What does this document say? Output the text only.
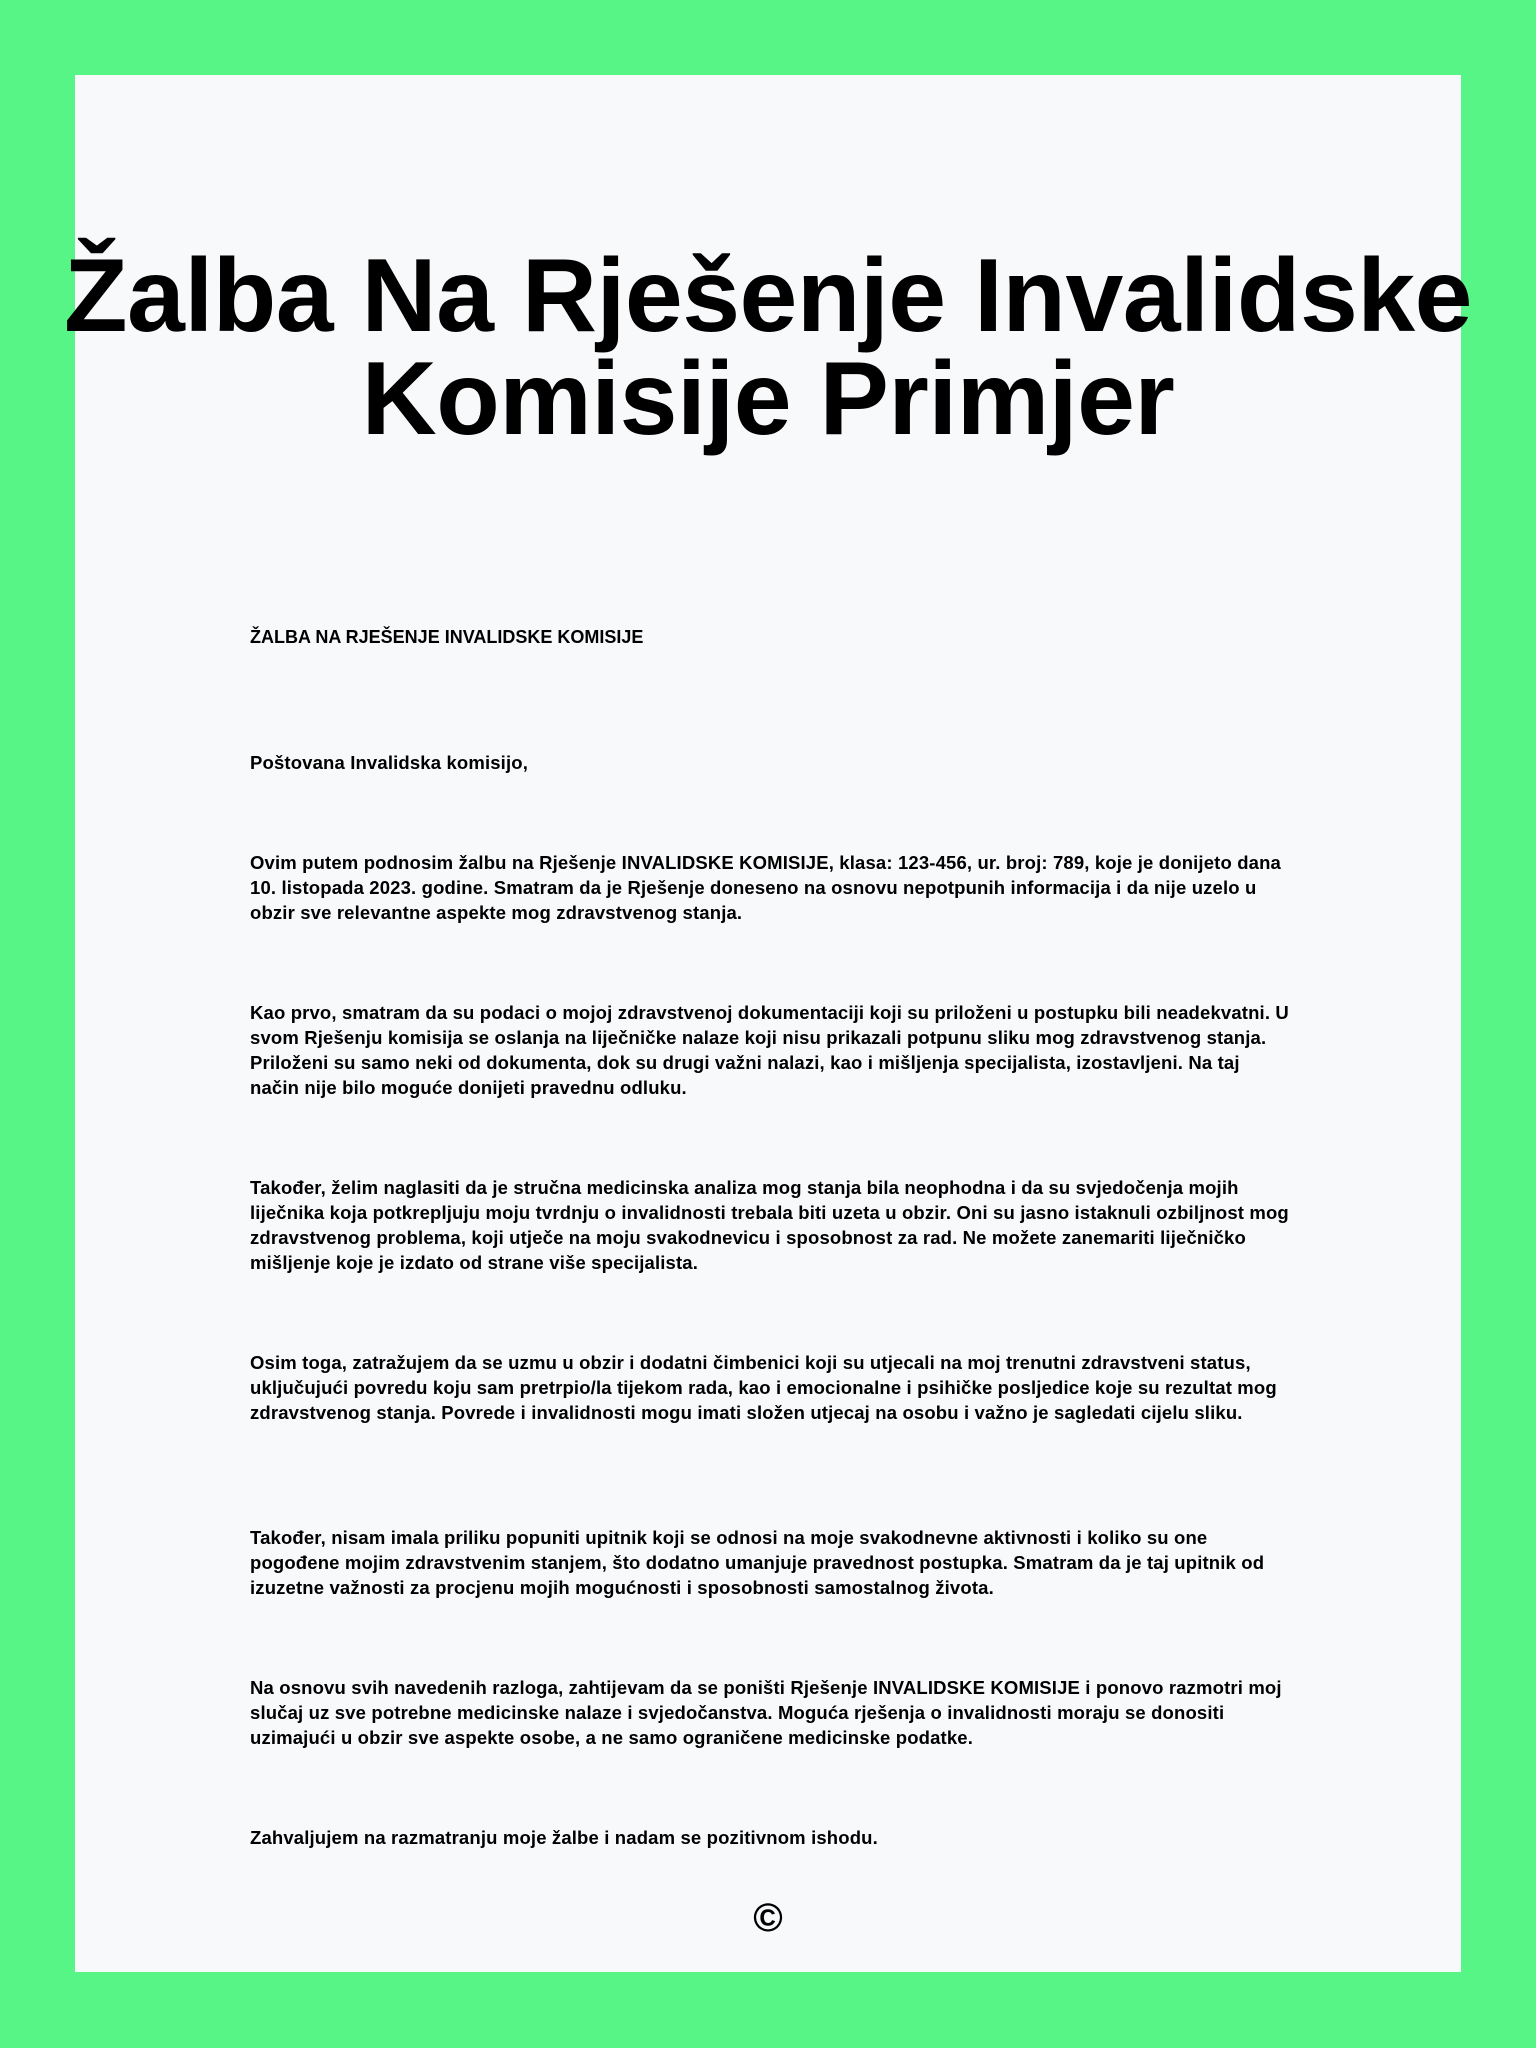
Žalba Na Rješenje Invalidske Komisije Primjer

ŽALBA NA RJEŠENJE INVALIDSKE KOMISIJE

Poštovana Invalidska komisijo,

Ovim putem podnosim žalbu na Rješenje INVALIDSKE KOMISIJE, klasa: 123-456, ur. broj: 789, koje je donijeto dana 10. listopada 2023. godine. Smatram da je Rješenje doneseno na osnovu nepotpunih informacija i da nije uzelo u obzir sve relevantne aspekte mog zdravstvenog stanja.

Kao prvo, smatram da su podaci o mojoj zdravstvenoj dokumentaciji koji su priloženi u postupku bili neadekvatni. U svom Rješenju komisija se oslanja na liječničke nalaze koji nisu prikazali potpunu sliku mog zdravstvenog stanja. Priloženi su samo neki od dokumenta, dok su drugi važni nalazi, kao i mišljenja specijalista, izostavljeni. Na taj način nije bilo moguće donijeti pravednu odluku.

Također, želim naglasiti da je stručna medicinska analiza mog stanja bila neophodna i da su svjedočenja mojih liječnika koja potkrepljuju moju tvrdnju o invalidnosti trebala biti uzeta u obzir. Oni su jasno istaknuli ozbiljnost mog zdravstvenog problema, koji utječe na moju svakodnevicu i sposobnost za rad. Ne možete zanemariti liječničko mišljenje koje je izdato od strane više specijalista.

Osim toga, zatražujem da se uzmu u obzir i dodatni čimbenici koji su utjecali na moj trenutni zdravstveni status, uključujući povredu koju sam pretrpio/la tijekom rada, kao i emocionalne i psihičke posljedice koje su rezultat mog zdravstvenog stanja. Povrede i invalidnosti mogu imati složen utjecaj na osobu i važno je sagledati cijelu sliku.

Također, nisam imala priliku popuniti upitnik koji se odnosi na moje svakodnevne aktivnosti i koliko su one pogođene mojim zdravstvenim stanjem, što dodatno umanjuje pravednost postupka. Smatram da je taj upitnik od izuzetne važnosti za procjenu mojih mogućnosti i sposobnosti samostalnog života.

Na osnovu svih navedenih razloga, zahtijevam da se poništi Rješenje INVALIDSKE KOMISIJE i ponovo razmotri moj slučaj uz sve potrebne medicinske nalaze i svjedočanstva. Moguća rješenja o invalidnosti moraju se donositi uzimajući u obzir sve aspekte osobe, a ne samo ograničene medicinske podatke.

Zahvaljujem na razmatranju moje žalbe i nadam se pozitivnom ishodu.

©
